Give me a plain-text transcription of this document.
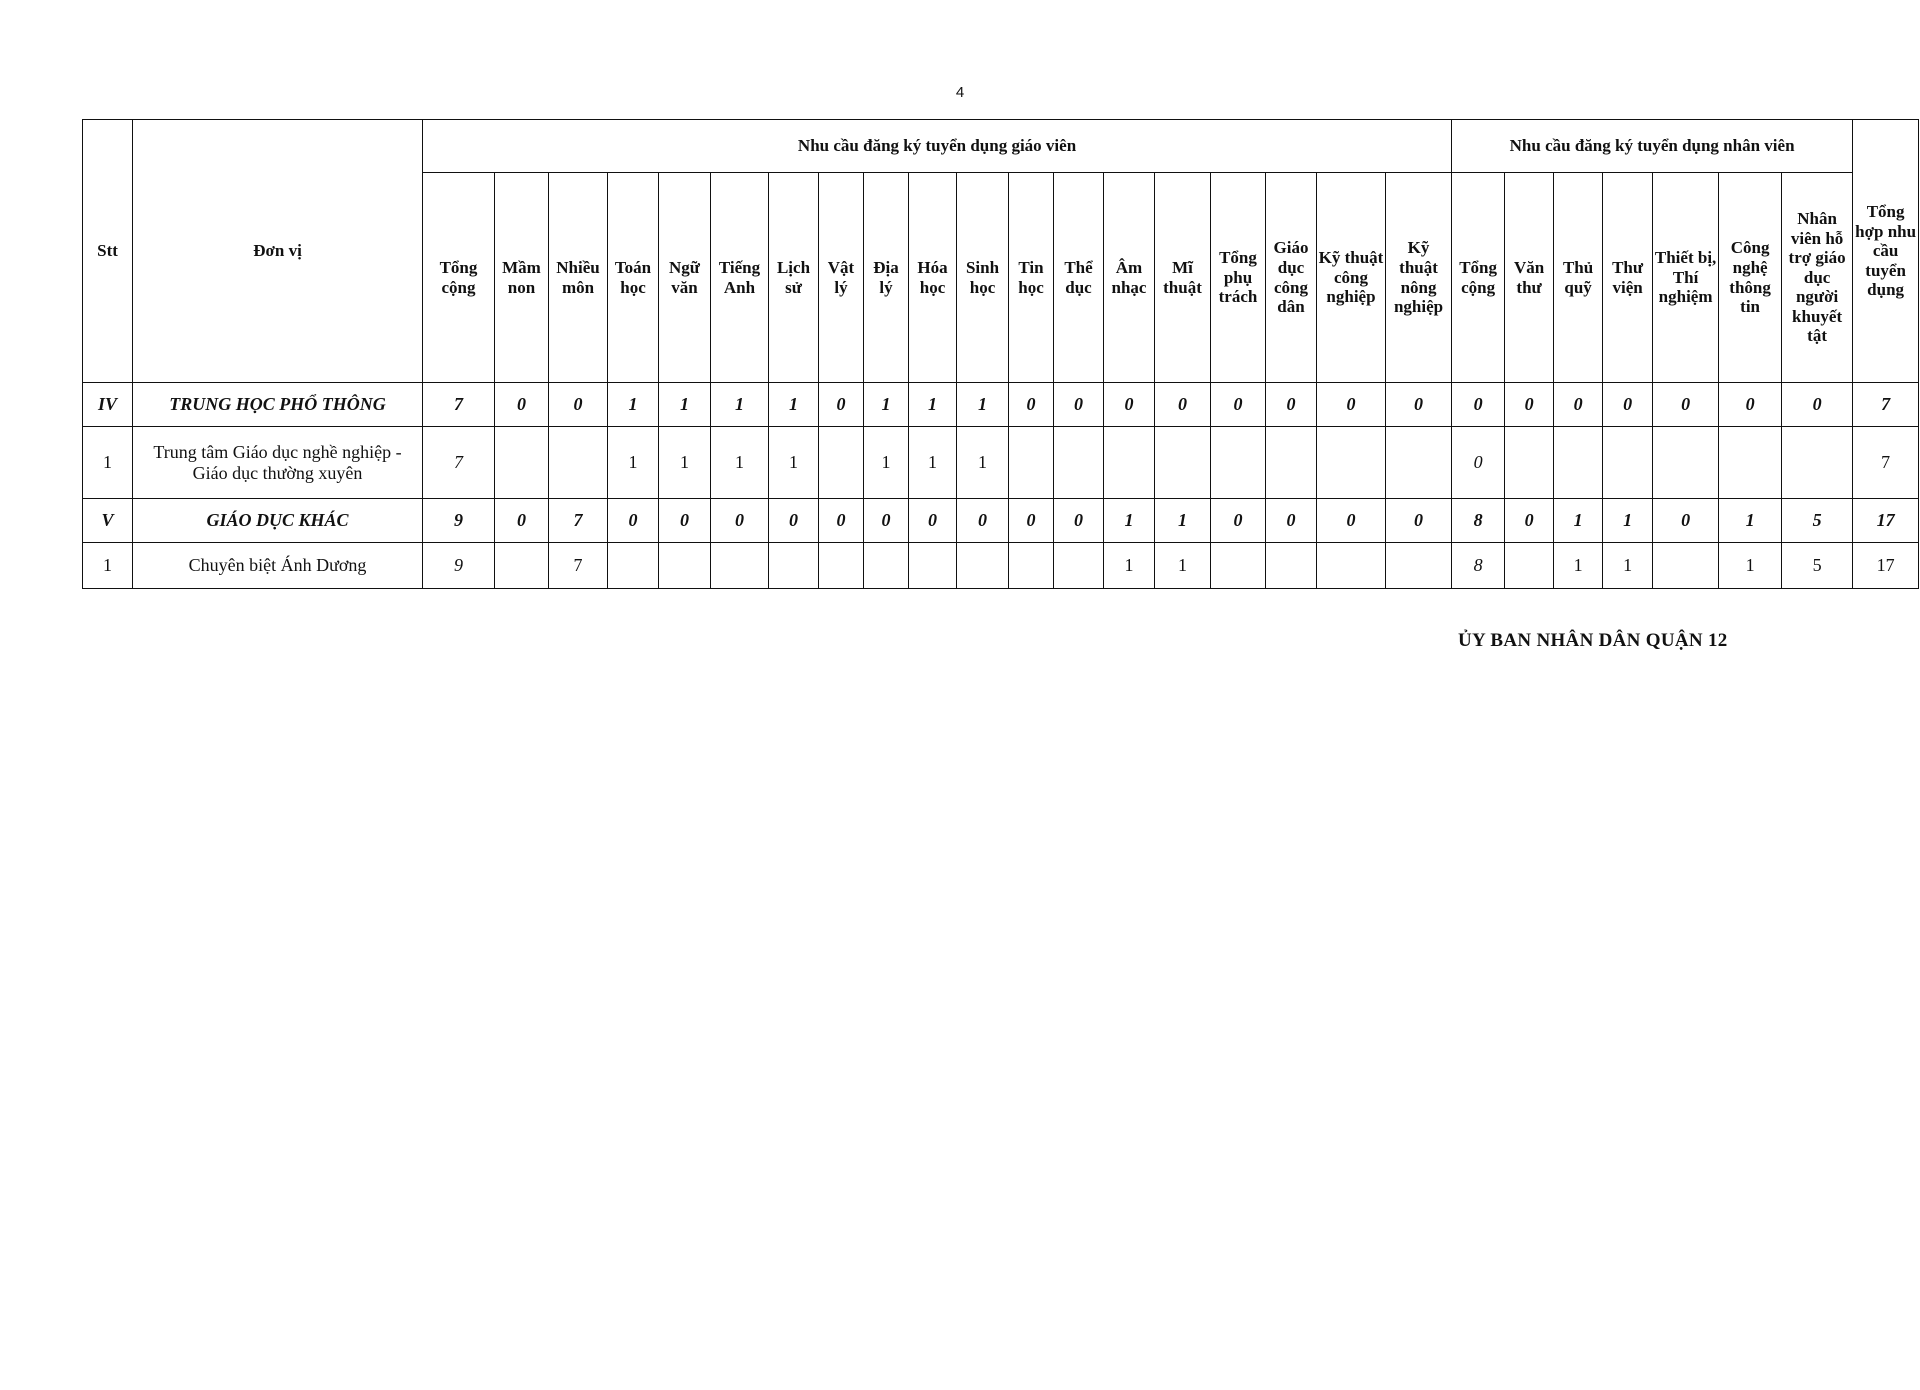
4
Stt	Đơn vị	Nhu cầu đăng ký tuyển dụng giáo viên																			Nhu cầu đăng ký tuyển dụng nhân viên							Tổng hợp nhu cầu tuyển dụng
		Tổng cộng	Mầm non	Nhiều môn	Toán học	Ngữ văn	Tiếng Anh	Lịch sử	Vật lý	Địa lý	Hóa học	Sinh học	Tin học	Thể dục	Âm nhạc	Mĩ thuật	Tổng phụ trách	Giáo dục công dân	Kỹ thuật công nghiệp	Kỹ thuật nông nghiệp	Tổng cộng	Văn thư	Thủ quỹ	Thư viện	Thiết bị, Thí nghiệm	Công nghệ thông tin	Nhân viên hỗ trợ giáo dục người khuyết tật	
IV	TRUNG HỌC PHỔ THÔNG	7	0	0	1	1	1	1	0	1	1	1	0	0	0	0	0	0	0	0	0	0	0	0	0	0	0	7
1	Trung tâm Giáo dục nghề nghiệp - Giáo dục thường xuyên	7			1	1	1	1		1	1	1									0							7
V	GIÁO DỤC KHÁC	9	0	7	0	0	0	0	0	0	0	0	0	0	1	1	0	0	0	0	8	0	1	1	0	1	5	17
1	Chuyên biệt Ánh Dương	9		7											1	1					8		1	1		1	5	17
ỦY BAN NHÂN DÂN QUẬN 12
